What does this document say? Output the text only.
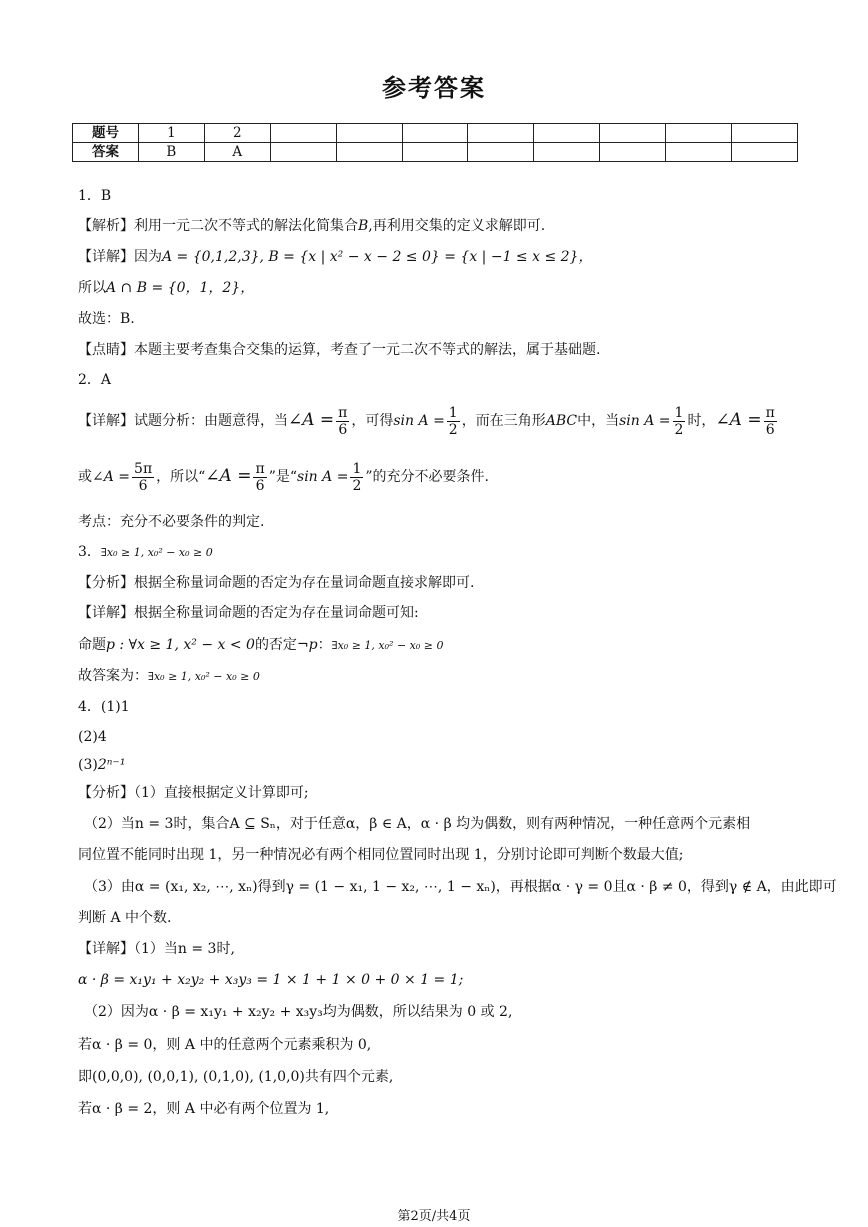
参考答案
题号	1	2								
答案	B	A								
1．B
【解析】利用一元二次不等式的解法化简集合B,再利用交集的定义求解即可.
【详解】因为A = {0,1,2,3}, B = {x | x² − x − 2 ≤ 0} = {x | −1 ≤ x ≤ 2}，
所以A ∩ B = {0，1，2}，
故选：B.
【点睛】本题主要考查集合交集的运算，考查了一元二次不等式的解法，属于基础题.
2．A
【详解】试题分析：由题意得，当∠A = $\frac{\pi}{6}$ ，可得$\sin A = \frac{1}{2}$ ，而在三角形ABC中，当$\sin A = \frac{1}{2}$ 时，∠A = $\frac{\pi}{6}$
或∠A = $\frac{5\pi}{6}$ ，所以“∠A = $\frac{\pi}{6}$ ”是“sin $A = \frac{1}{2}$ ”的充分不必要条件.
考点：充分不必要条件的判定.
3．∃x₀ ≥ 1, x₀² − x₀ ≥ 0
【分析】根据全称量词命题的否定为存在量词命题直接求解即可.
【详解】根据全称量词命题的否定为存在量词命题可知:
命题p : ∀x ≥ 1, x² − x < 0的否定¬p：∃x₀ ≥ 1, x₀² − x₀ ≥ 0
故答案为：∃x₀ ≥ 1, x₀² − x₀ ≥ 0
4．(1)1
(2)4
(3)2ⁿ⁻¹
【分析】（1）直接根据定义计算即可;
（2）当n = 3时，集合A ⊆ Sₙ，对于任意α，β ∈ A，α · β 均为偶数，则有两种情况，一种任意两个元素相
同位置不能同时出现 1，另一种情况必有两个相同位置同时出现 1，分别讨论即可判断个数最大值;
（3）由α = (x₁, x₂, ⋯, xₙ)得到γ = (1 − x₁, 1 − x₂, ⋯, 1 − xₙ)，再根据α · γ = 0且α · β ≠ 0，得到γ ∉ A，由此即可
判断 A 中个数.
【详解】（1）当n = 3时,
α · β = x₁y₁ + x₂y₂ + x₃y₃ = 1 × 1 + 1 × 0 + 0 × 1 = 1;
（2）因为α · β = x₁y₁ + x₂y₂ + x₃y₃均为偶数，所以结果为 0 或 2,
若α · β = 0，则 A 中的任意两个元素乘积为 0,
即(0,0,0), (0,0,1), (0,1,0), (1,0,0)共有四个元素,
若α · β = 2，则 A 中必有两个位置为 1,
第2页/共4页
